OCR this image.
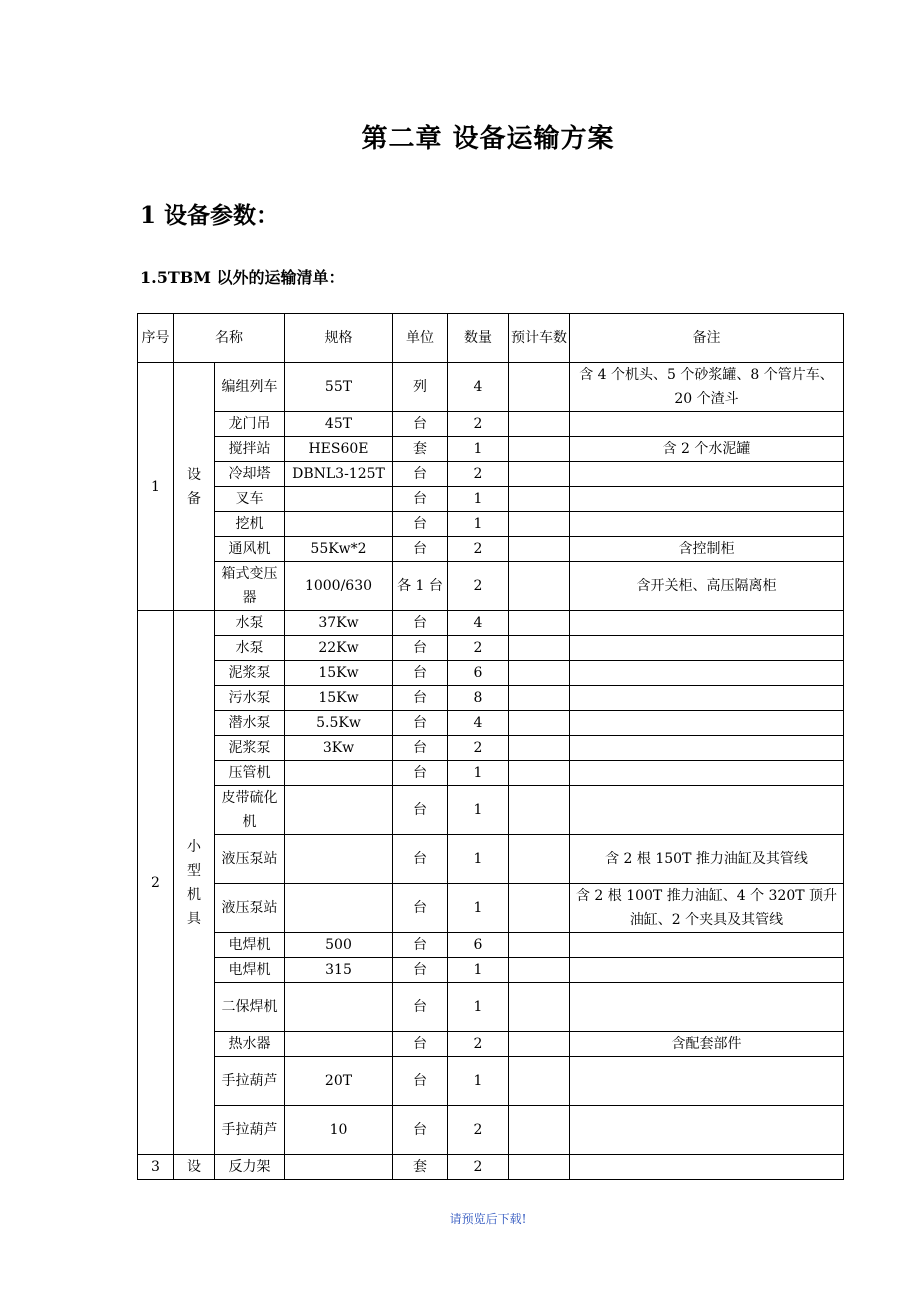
第二章 设备运输方案
1 设备参数：
1.5TBM 以外的运输清单：
序号	名称		规格	单位	数量	预计车数	备注
1	设备	编组列车	55T	列	4		含 4 个机头、5 个砂浆罐、8 个管片车、20 个渣斗
		龙门吊	45T	台	2		
		搅拌站	HES60E	套	1		含 2 个水泥罐
		冷却塔	DBNL3-125T	台	2		
		叉车		台	1		
		挖机		台	1		
		通风机	55Kw*2	台	2		含控制柜
		箱式变压器	1000/630	各 1 台	2		含开关柜、高压隔离柜
2	小型机具	水泵	37Kw	台	4		
		水泵	22Kw	台	2		
		泥浆泵	15Kw	台	6		
		污水泵	15Kw	台	8		
		潜水泵	5.5Kw	台	4		
		泥浆泵	3Kw	台	2		
		压管机		台	1		
		皮带硫化机		台	1		
		液压泵站		台	1		含 2 根 150T 推力油缸及其管线
		液压泵站		台	1		含 2 根 100T 推力油缸、4 个 320T 顶升油缸、2 个夹具及其管线
		电焊机	500	台	6		
		电焊机	315	台	1		
		二保焊机		台	1		
		热水器		台	2		含配套部件
		手拉葫芦	20T	台	1		
		手拉葫芦	10	台	2		
3	设	反力架		套	2		
请预览后下载!
